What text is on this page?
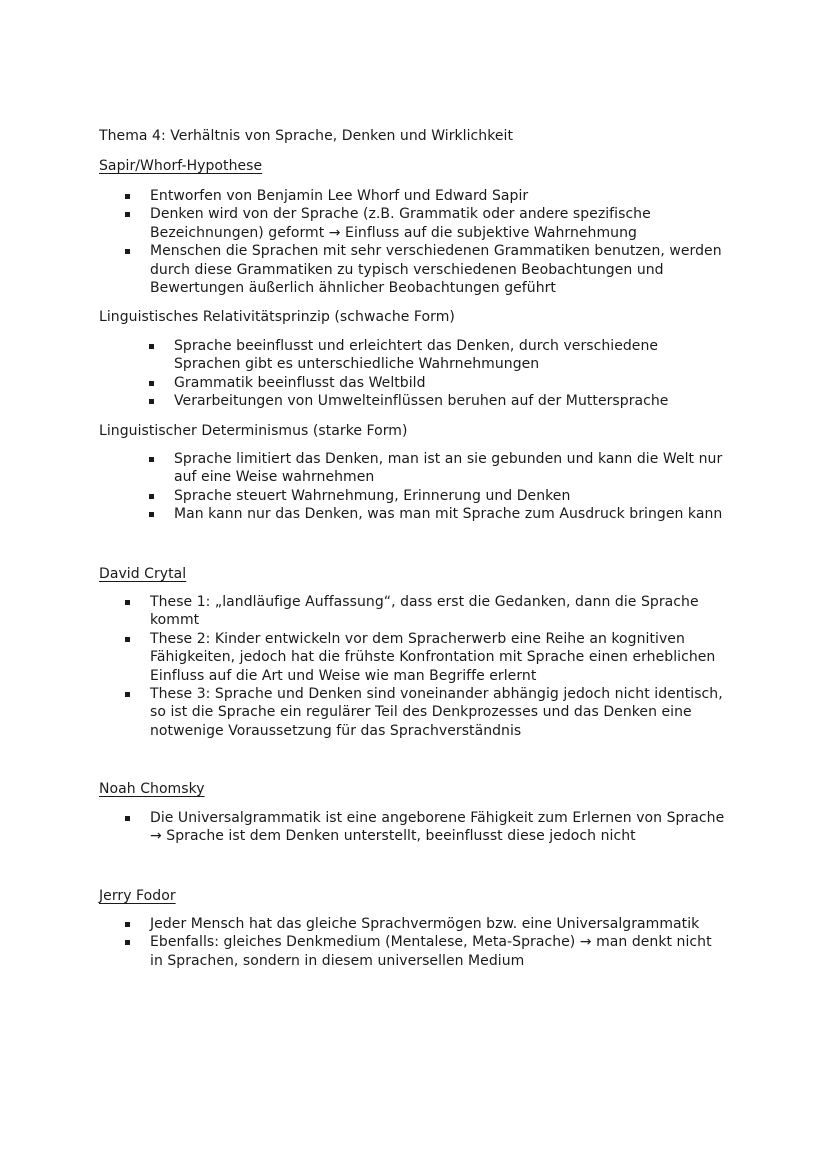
Thema 4: Verhältnis von Sprache, Denken und Wirklichkeit
Sapir/Whorf-Hypothese
Entworfen von Benjamin Lee Whorf und Edward Sapir
Denken wird von der Sprache (z.B. Grammatik oder andere spezifische Bezeichnungen) geformt → Einfluss auf die subjektive Wahrnehmung
Menschen die Sprachen mit sehr verschiedenen Grammatiken benutzen, werden durch diese Grammatiken zu typisch verschiedenen Beobachtungen und Bewertungen äußerlich ähnlicher Beobachtungen geführt
Linguistisches Relativitätsprinzip (schwache Form)
Sprache beeinflusst und erleichtert das Denken, durch verschiedene Sprachen gibt es unterschiedliche Wahrnehmungen
Grammatik beeinflusst das Weltbild
Verarbeitungen von Umwelteinflüssen beruhen auf der Muttersprache
Linguistischer Determinismus (starke Form)
Sprache limitiert das Denken, man ist an sie gebunden und kann die Welt nur auf eine Weise wahrnehmen
Sprache steuert Wahrnehmung, Erinnerung und Denken
Man kann nur das Denken, was man mit Sprache zum Ausdruck bringen kann
David Crytal
These 1: „landläufige Auffassung“, dass erst die Gedanken, dann die Sprache kommt
These 2: Kinder entwickeln vor dem Spracherwerb eine Reihe an kognitiven Fähigkeiten, jedoch hat die frühste Konfrontation mit Sprache einen erheblichen Einfluss auf die Art und Weise wie man Begriffe erlernt
These 3: Sprache und Denken sind voneinander abhängig jedoch nicht identisch, so ist die Sprache ein regulärer Teil des Denkprozesses und das Denken eine notwenige Voraussetzung für das Sprachverständnis
Noah Chomsky
Die Universalgrammatik ist eine angeborene Fähigkeit zum Erlernen von Sprache → Sprache ist dem Denken unterstellt, beeinflusst diese jedoch nicht
Jerry Fodor
Jeder Mensch hat das gleiche Sprachvermögen bzw. eine Universalgrammatik
Ebenfalls: gleiches Denkmedium (Mentalese, Meta-Sprache) → man denkt nicht in Sprachen, sondern in diesem universellen Medium
